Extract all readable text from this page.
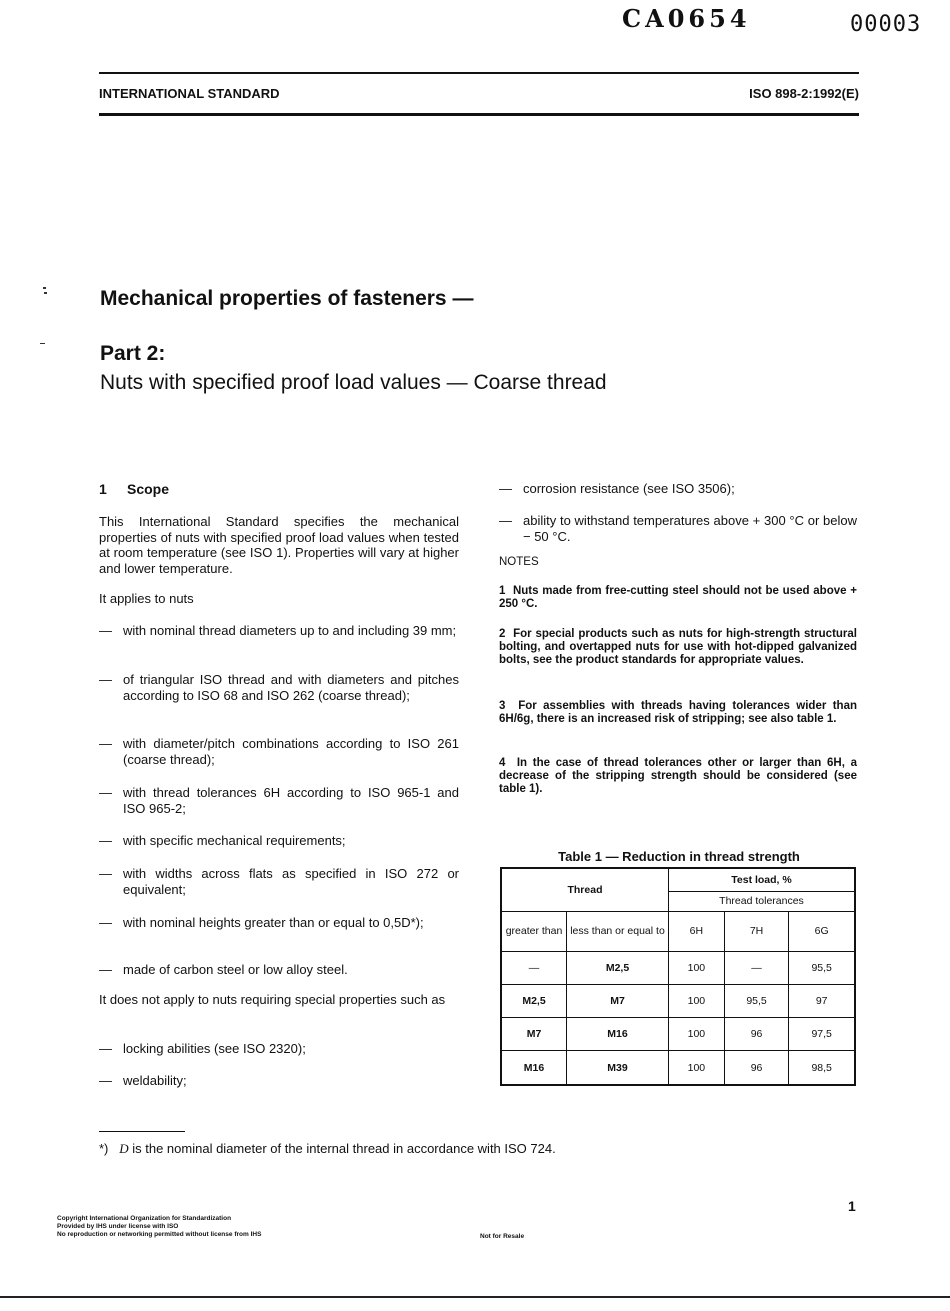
CA0654	00003
INTERNATIONAL STANDARD	ISO 898-2:1992(E)
Mechanical properties of fasteners —
Part 2:
Nuts with specified proof load values — Coarse thread
1 Scope
This International Standard specifies the mechanical properties of nuts with specified proof load values when tested at room temperature (see ISO 1). Properties will vary at higher and lower temperature.
It applies to nuts
— with nominal thread diameters up to and including 39 mm;
— of triangular ISO thread and with diameters and pitches according to ISO 68 and ISO 262 (coarse thread);
— with diameter/pitch combinations according to ISO 261 (coarse thread);
— with thread tolerances 6H according to ISO 965-1 and ISO 965-2;
— with specific mechanical requirements;
— with widths across flats as specified in ISO 272 or equivalent;
— with nominal heights greater than or equal to 0,5D*);
— made of carbon steel or low alloy steel.
It does not apply to nuts requiring special properties such as
— locking abilities (see ISO 2320);
— weldability;
— corrosion resistance (see ISO 3506);
— ability to withstand temperatures above + 300 °C or below − 50 °C.
NOTES
1 Nuts made from free-cutting steel should not be used above + 250 °C.
2 For special products such as nuts for high-strength structural bolting, and overtapped nuts for use with hot-dipped galvanized bolts, see the product standards for appropriate values.
3 For assemblies with threads having tolerances wider than 6H/6g, there is an increased risk of stripping; see also table 1.
4 In the case of thread tolerances other or larger than 6H, a decrease of the stripping strength should be considered (see table 1).
Table 1 — Reduction in thread strength
Thread		Test load, %		
		Thread tolerances		
greater than	less than or equal to	6H	7H	6G
—	M2,5	100	—	95,5
M2,5	M7	100	95,5	97
M7	M16	100	96	97,5
M16	M39	100	96	98,5
*) D is the nominal diameter of the internal thread in accordance with ISO 724.
1
Copyright International Organization for Standardization
Provided by IHS under license with ISO
No reproduction or networking permitted without license from IHS	Not for Resale
